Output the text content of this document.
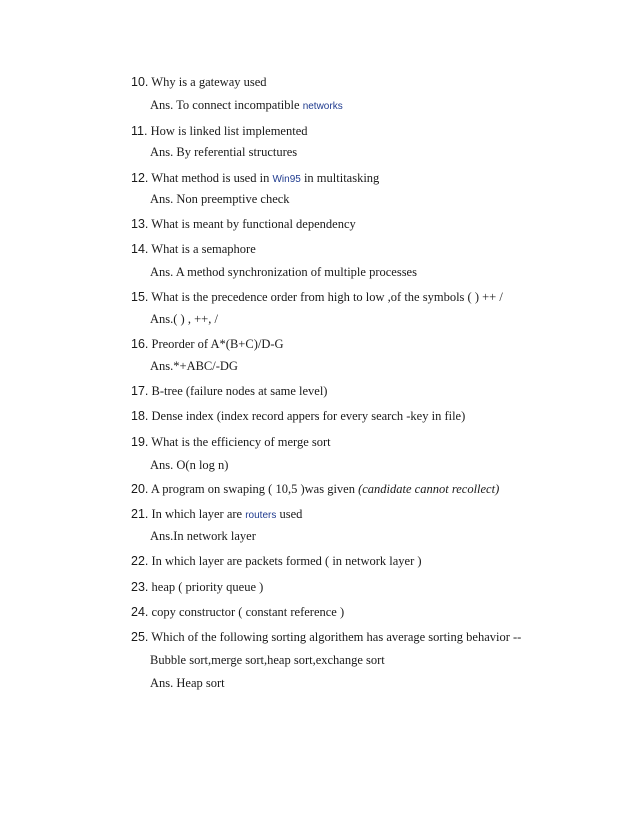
10. Why is a gateway used
Ans. To connect incompatible networks
11. How is linked list implemented
Ans. By referential structures
12. What method is used in Win95 in multitasking
Ans. Non preemptive check
13. What is meant by functional dependency
14. What is a semaphore
Ans. A method synchronization of multiple processes
15. What is the precedence order from high to low ,of the symbols ( ) ++ /
Ans.( ) , ++, /
16. Preorder of A*(B+C)/D-G
Ans.*+ABC/-DG
17. B-tree (failure nodes at same level)
18. Dense index (index record appers for every search -key in file)
19. What is the efficiency of merge sort
Ans. O(n log n)
20. A program on swaping ( 10,5 )was given (candidate cannot recollect)
21. In which layer are routers used
Ans.In network layer
22. In which layer are packets formed ( in network layer )
23. heap ( priority queue )
24. copy constructor ( constant reference )
25. Which of the following sorting algorithem has average sorting behavior --
Bubble sort,merge sort,heap sort,exchange sort
Ans. Heap sort
